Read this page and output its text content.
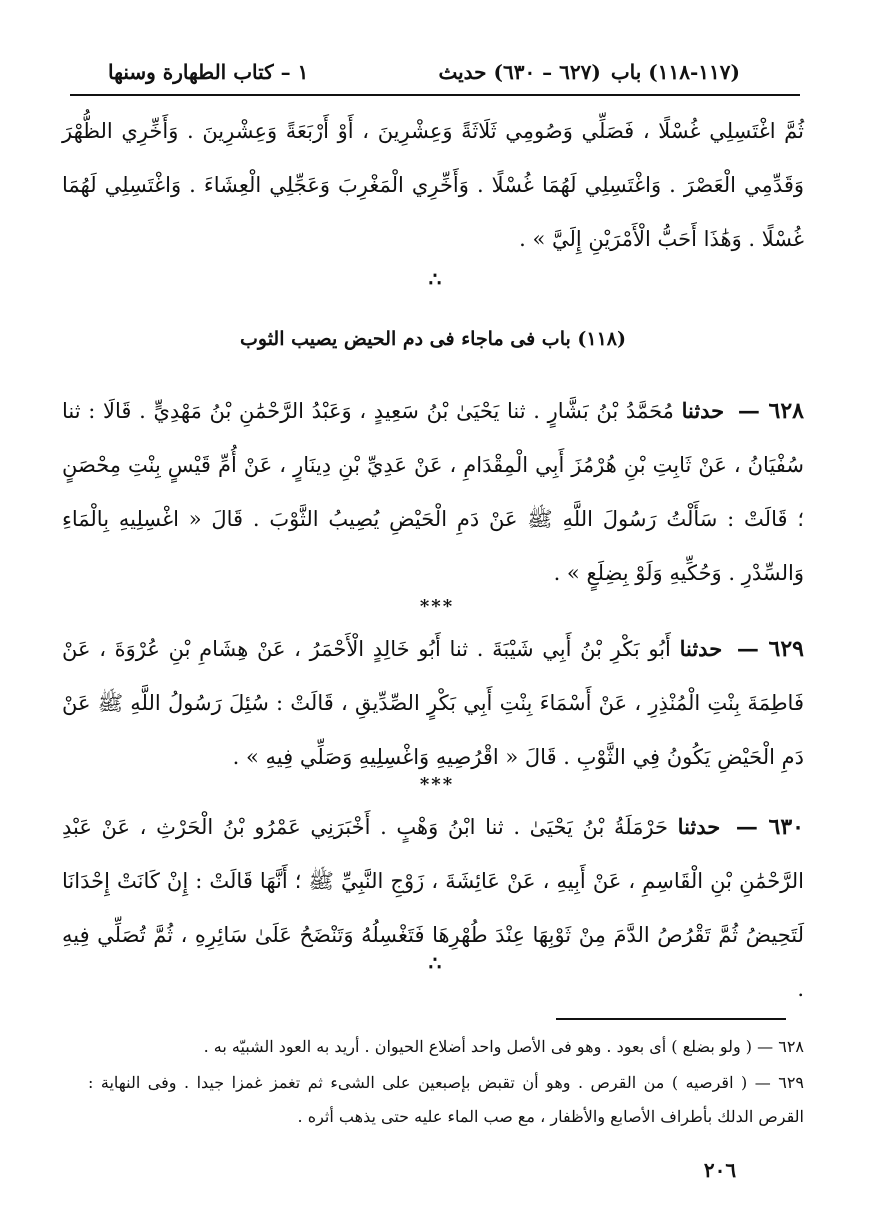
١ – كتاب الطهارة وسنها	(١١٧-١١٨) باب
(٦٢٧ – ٦٣٠) حديث
ثُمَّ اغْتَسِلِي غُسْلًا ، فَصَلِّي وَصُومِي ثَلَاثَةً وَعِشْرِينَ ، أَوْ أَرْبَعَةً وَعِشْرِينَ . وَأَخِّرِي الظُّهْرَ وَقَدِّمِي الْعَصْرَ . وَاغْتَسِلِي لَهُمَا غُسْلًا . وَأَخِّرِي الْمَغْرِبَ وَعَجِّلِي الْعِشَاءَ . وَاغْتَسِلِي لَهُمَا غُسْلًا . وَهَٰذَا أَحَبُّ الْأَمْرَيْنِ إِلَيَّ » .
∴
(١١٨) باب فى ماجاء فى دم الحيض يصيب الثوب
٦٢٨ — حدثنا مُحَمَّدُ بْنُ بَشَّارٍ . ثنا يَحْيَىٰ بْنُ سَعِيدٍ ، وَعَبْدُ الرَّحْمَٰنِ بْنُ مَهْدِيٍّ . قَالَا : ثنا سُفْيَانُ ، عَنْ ثَابِتِ بْنِ هُرْمُزَ أَبِي الْمِقْدَامِ ، عَنْ عَدِيِّ بْنِ دِينَارٍ ، عَنْ أُمِّ قَيْسٍ بِنْتِ مِحْصَنٍ ؛ قَالَتْ : سَأَلْتُ رَسُولَ اللَّهِ ﷺ عَنْ دَمِ الْحَيْضِ يُصِيبُ الثَّوْبَ . قَالَ « اغْسِلِيهِ بِالْمَاءِ وَالسِّدْرِ . وَحُكِّيهِ وَلَوْ بِضِلَعٍ » .
***
٦٢٩ — حدثنا أَبُو بَكْرِ بْنُ أَبِي شَيْبَةَ . ثنا أَبُو خَالِدٍ الْأَحْمَرُ ، عَنْ هِشَامِ بْنِ عُرْوَةَ ، عَنْ فَاطِمَةَ بِنْتِ الْمُنْذِرِ ، عَنْ أَسْمَاءَ بِنْتِ أَبِي بَكْرٍ الصِّدِّيقِ ، قَالَتْ : سُئِلَ رَسُولُ اللَّهِ ﷺ عَنْ دَمِ الْحَيْضِ يَكُونُ فِي الثَّوْبِ . قَالَ « اقْرُصِيهِ وَاغْسِلِيهِ وَصَلِّي فِيهِ » .
***
٦٣٠ — حدثنا حَرْمَلَةُ بْنُ يَحْيَىٰ . ثنا ابْنُ وَهْبٍ . أَخْبَرَنِي عَمْرُو بْنُ الْحَرْثِ ، عَنْ عَبْدِ الرَّحْمَٰنِ بْنِ الْقَاسِمِ ، عَنْ أَبِيهِ ، عَنْ عَائِشَةَ ، زَوْجِ النَّبِيِّ ﷺ ؛ أَنَّهَا قَالَتْ : إِنْ كَانَتْ إِحْدَانَا لَتَحِيضُ ثُمَّ تَقْرُصُ الدَّمَ مِنْ ثَوْبِهَا عِنْدَ طُهْرِهَا فَتَغْسِلُهُ وَتَنْضَحُ عَلَىٰ سَائِرِهِ ، ثُمَّ تُصَلِّي فِيهِ .
∴
٦٢٨ — ( ولو بضلع ) أى بعود . وهو فى الأصل واحد أضلاع الحيوان . أريد به العود الشبيّه به .
٦٢٩ — ( اقرصيه ) من القرص . وهو أن تقبض بإصبعين على الشىء ثم تغمز غمزا جيدا . وفى النهاية : القرص الدلك بأطراف الأصابع والأظفار ، مع صب الماء عليه حتى يذهب أثره .
٢٠٦
